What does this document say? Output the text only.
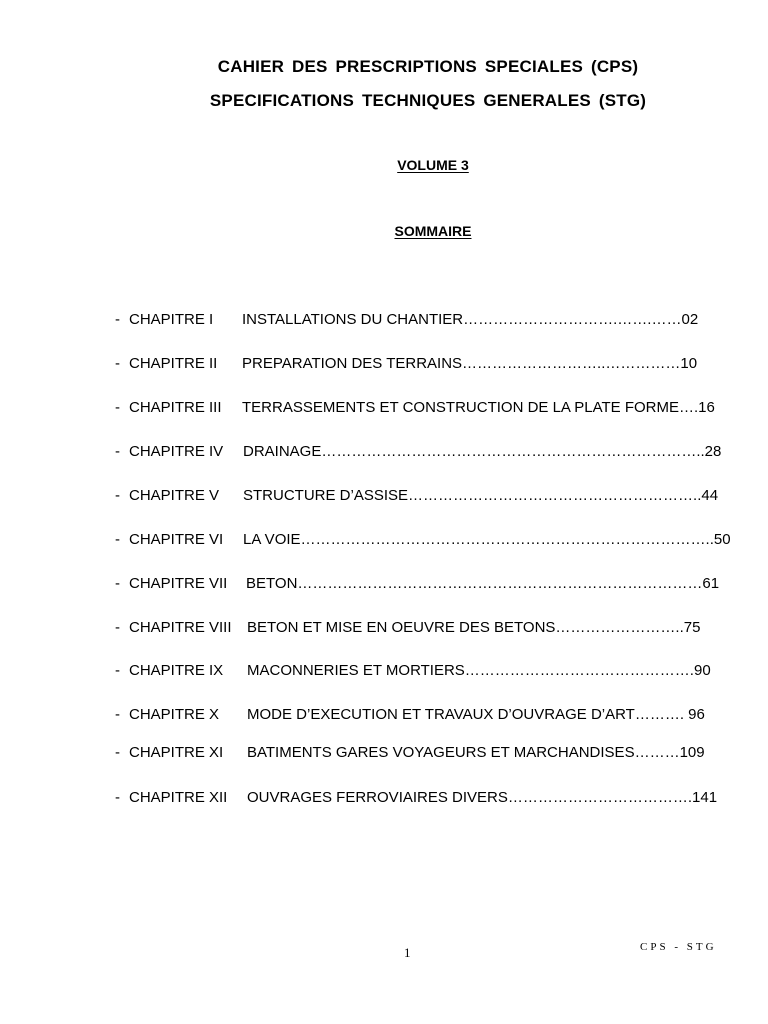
CAHIER DES PRESCRIPTIONS SPECIALES (CPS)
SPECIFICATIONS TECHNIQUES GENERALES (STG)
VOLUME 3
SOMMAIRE
- CHAPITRE I INSTALLATIONS DU CHANTIER………………………….…….……02
- CHAPITRE II PREPARATION DES TERRAINS………………………..……………10
- CHAPITRE III TERRASSEMENTS ET CONSTRUCTION DE LA PLATE FORME….16
- CHAPITRE IV DRAINAGE…………………………………………………………………..28
- CHAPITRE V STRUCTURE D’ASSISE…………………………………………………..44
- CHAPITRE VI LA VOIE………………………………………………………………………..50
- CHAPITRE VII BETON………………………………………………………………………61
- CHAPITRE VIII BETON ET MISE EN OEUVRE DES BETONS……………………..75
- CHAPITRE IX MACONNERIES ET MORTIERS……………………………………….90
- CHAPITRE X MODE D’EXECUTION ET TRAVAUX D’OUVRAGE D’ART………. 96
- CHAPITRE XI BATIMENTS GARES VOYAGEURS ET MARCHANDISES………109
- CHAPITRE XII OUVRAGES FERROVIAIRES DIVERS……………………………….141
1	CPS - STG
